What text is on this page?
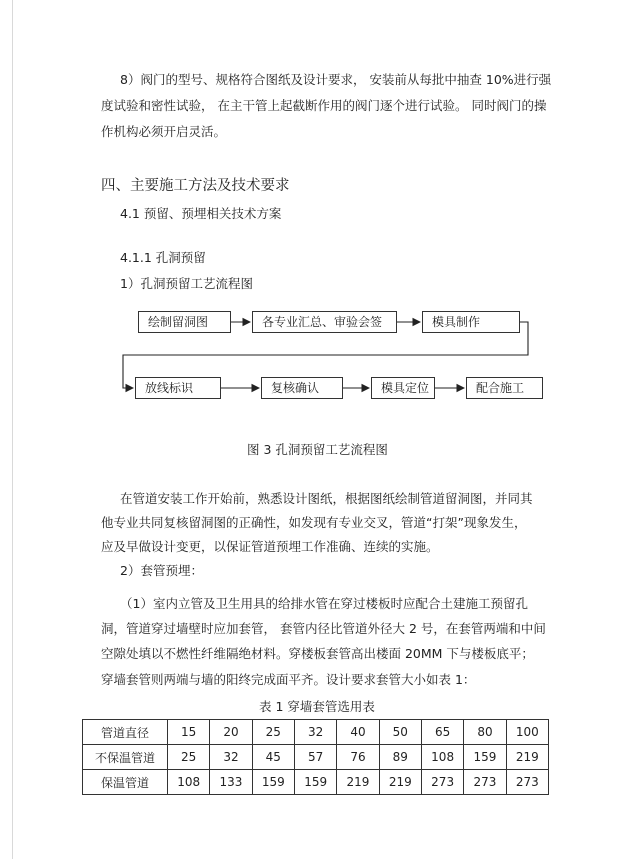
8）阀门的型号、规格符合图纸及设计要求， 安装前从每批中抽查 10%进行强
度试验和密性试验， 在主干管上起截断作用的阀门逐个进行试验。 同时阀门的操
作机构必须开启灵活。
四、主要施工方法及技术要求
4.1 预留、预埋相关技术方案
4.1.1 孔洞预留
1）孔洞预留工艺流程图
绘制留洞图	各专业汇总、审验会签	模具制作
放线标识	复核确认	模具定位	配合施工
图 3 孔洞预留工艺流程图
在管道安装工作开始前，熟悉设计图纸，根据图纸绘制管道留洞图，并同其
他专业共同复核留洞图的正确性，如发现有专业交叉，管道“打架”现象发生，
应及早做设计变更，以保证管道预埋工作准确、连续的实施。
2）套管预埋：
（1）室内立管及卫生用具的给排水管在穿过楼板时应配合土建施工预留孔
洞，管道穿过墙壁时应加套管， 套管内径比管道外径大 2 号，在套管两端和中间
空隙处填以不燃性纤维隔绝材料。穿楼板套管高出楼面 20MM 下与楼板底平；
穿墙套管则两端与墙的阳终完成面平齐。设计要求套管大小如表 1：
表 1 穿墙套管选用表
管道直径	15	20	25	32	40	50	65	80	100
不保温管道	25	32	45	57	76	89	108	159	219
保温管道	108	133	159	159	219	219	273	273	273
